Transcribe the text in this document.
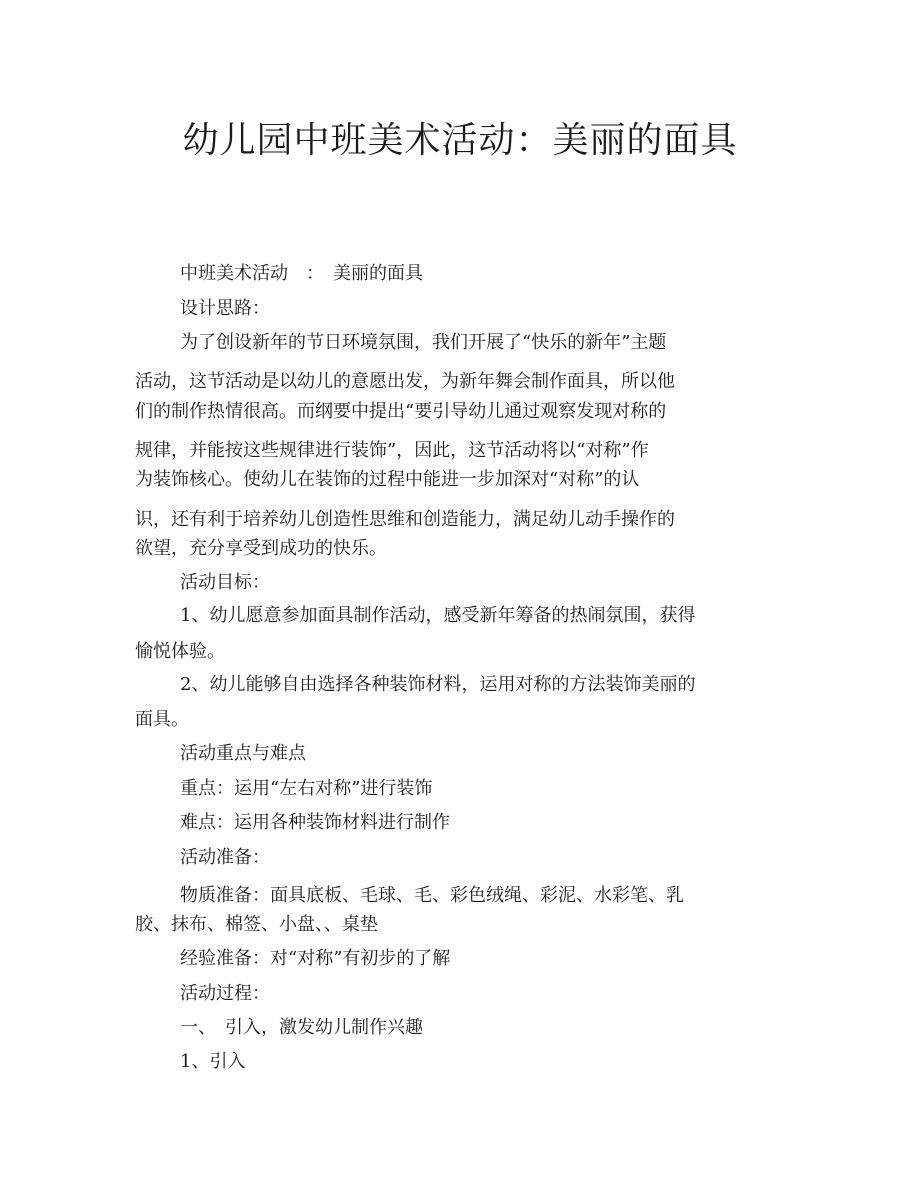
幼儿园中班美术活动：美丽的面具
中班美术活动　：　美丽的面具
设计思路：
为了创设新年的节日环境氛围，我们开展了“快乐的新年”主题
活动，这节活动是以幼儿的意愿出发，为新年舞会制作面具，所以他
们的制作热情很高。而纲要中提出“要引导幼儿通过观察发现对称的
规律，并能按这些规律进行装饰”，因此，这节活动将以“对称”作
为装饰核心。使幼儿在装饰的过程中能进一步加深对“对称”的认
识，还有利于培养幼儿创造性思维和创造能力，满足幼儿动手操作的
欲望，充分享受到成功的快乐。
活动目标：
1、幼儿愿意参加面具制作活动，感受新年筹备的热闹氛围，获得
愉悦体验。
2、幼儿能够自由选择各种装饰材料，运用对称的方法装饰美丽的
面具。
活动重点与难点
重点：运用“左右对称”进行装饰
难点：运用各种装饰材料进行制作
活动准备：
物质准备：面具底板、毛球、毛、彩色绒绳、彩泥、水彩笔、乳
胶、抹布、棉签、小盘、、桌垫
经验准备：对“对称”有初步的了解
活动过程：
一、　引入，激发幼儿制作兴趣
1、引入
